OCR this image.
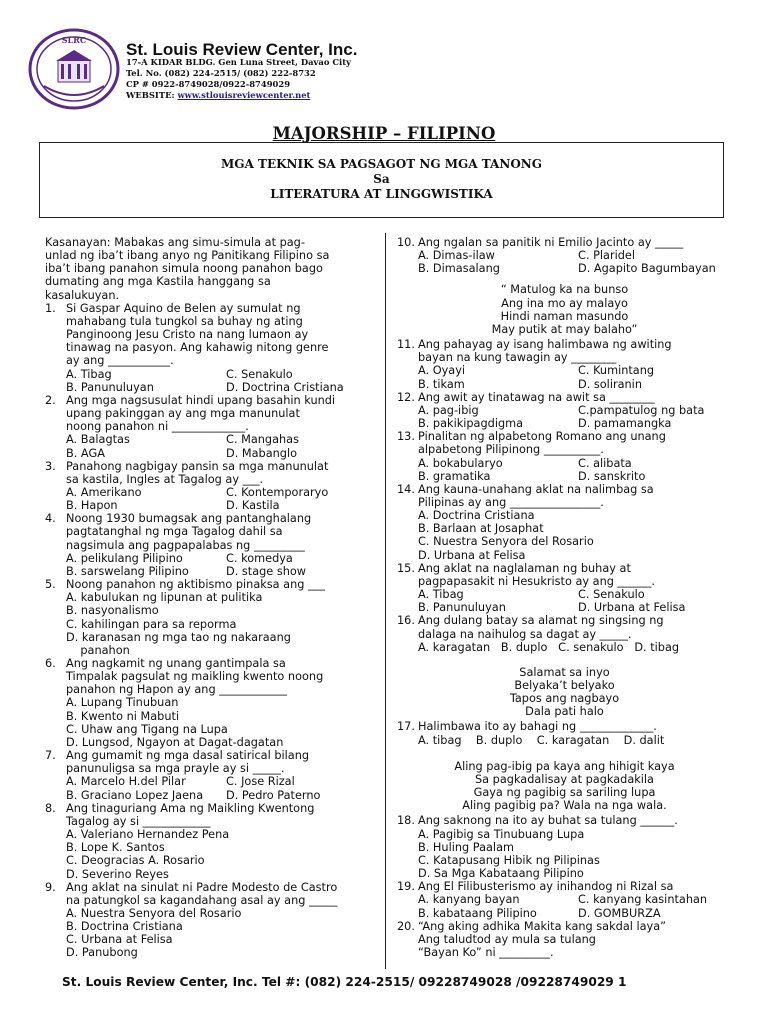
SLRC St. Louis Review Center, Inc.
17-A KIDAR BLDG. Gen Luna Street, Davao City
Tel. No. (082) 224-2515/ (082) 222-8732
CP # 0922-8749028/0922-8749029
WEBSITE: www.stlouisreviewcenter.net
MAJORSHIP – FILIPINO
MGA TEKNIK SA PAGSAGOT NG MGA TANONG
Sa
LITERATURA AT LINGGWISTIKA

Kasanayan: Mabakas ang simu-simula at pag-

unlad ng iba’t ibang anyo ng Panitikang Filipino sa

iba’t ibang panahon simula noong panahon bago

dumating ang mga Kastila hanggang sa

kasalukuyan.

1. Si Gaspar Aquino de Belen ay sumulat ng

mahabang tula tungkol sa buhay ng ating

Panginoong Jesu Cristo na nang lumaon ay

tinawag na pasyon. Ang kahawig nitong genre

ay ang ___________.

A. Tibag	C. Senakulo

B. Panunuluyan	D. Doctrina Cristiana

2. Ang mga nagsusulat hindi upang basahin kundi

upang pakinggan ay ang mga manunulat

noong panahon ni _____________.

A. Balagtas	C. Mangahas

B. AGA	D. Mabanglo

3. Panahong nagbigay pansin sa mga manunulat

sa kastila, Ingles at Tagalog ay ___.

A. Amerikano	C. Kontemporaryo

B. Hapon	D. Kastila

4. Noong 1930 bumagsak ang pantanghalang

pagtatanghal ng mga Tagalog dahil sa

nagsimula ang pagpapalabas ng _________

A. pelikulang Pilipino	C. komedya

B. sarswelang Pilipino	D. stage show

5. Noong panahon ng aktibismo pinaksa ang ___

A. kabulukan ng lipunan at pulitika

B. nasyonalismo

C. kahilingan para sa reporma

D. karanasan ng mga tao ng nakaraang

panahon

6. Ang nagkamit ng unang gantimpala sa

Timpalak pagsulat ng maikling kwento noong

panahon ng Hapon ay ang ____________

A. Lupang Tinubuan

B. Kwento ni Mabuti

C. Uhaw ang Tigang na Lupa

D. Lungsod, Ngayon at Dagat-dagatan

7. Ang gumamit ng mga dasal satirical bilang

panunuligsa sa mga prayle ay si _____.

A. Marcelo H.del Pilar	C. Jose Rizal

B. Graciano Lopez Jaena	D. Pedro Paterno

8. Ang tinaguriang Ama ng Maikling Kwentong

Tagalog ay si ____________

A. Valeriano Hernandez Pena

B. Lope K. Santos

C. Deogracias A. Rosario

D. Severino Reyes

9. Ang aklat na sinulat ni Padre Modesto de Castro

na patungkol sa kagandahang asal ay ang _____

A. Nuestra Senyora del Rosario

B. Doctrina Cristiana

C. Urbana at Felisa

D. Panubong

10. Ang ngalan sa panitik ni Emilio Jacinto ay _____

A. Dimas-ilaw	C. Plaridel

B. Dimasalang	D. Agapito Bagumbayan

“ Matulog ka na bunso

Ang ina mo ay malayo

Hindi naman masundo

May putik at may balaho”

11. Ang pahayag ay isang halimbawa ng awiting

bayan na kung tawagin ay ________

A. Oyayi	C. Kumintang

B. tikam	D. soliranin

12. Ang awit ay tinatawag na awit sa ________

A. pag-ibig	C.pampatulog ng bata

B. pakikipagdigma	D. pamamangka

13. Pinalitan ng alpabetong Romano ang unang

alpabetong Pilipinong __________.

A. bokabularyo	C. alibata

B. gramatika	D. sanskrito

14. Ang kauna-unahang aklat na nalimbag sa

Pilipinas ay ang ________________.

A. Doctrina Cristiana

B. Barlaan at Josaphat

C. Nuestra Senyora del Rosario

D. Urbana at Felisa

15. Ang aklat na naglalaman ng buhay at

pagpapasakit ni Hesukristo ay ang ______.

A. Tibag	C. Senakulo

B. Panunuluyan	D. Urbana at Felisa

16. Ang dulang batay sa alamat ng singsing ng

dalaga na naihulog sa dagat ay _____.

A. karagatan   B. duplo   C. senakulo   D. tibag

Salamat sa inyo

Belyaka’t belyako

Tapos ang nagbayo

Dala pati halo

17. Halimbawa ito ay bahagi ng _____________.

A. tibag    B. duplo    C. karagatan    D. dalit

Aling pag-ibig pa kaya ang hihigit kaya

Sa pagkadalisay at pagkadakila

Gaya ng pagibig sa sariling lupa

Aling pagibig pa? Wala na nga wala.

18. Ang saknong na ito ay buhat sa tulang ______.

A. Pagibig sa Tinubuang Lupa

B. Huling Paalam

C. Katapusang Hibik ng Pilipinas

D. Sa Mga Kabataang Pilipino

19. Ang El Filibusterismo ay inihandog ni Rizal sa

A. kanyang bayan	C. kanyang kasintahan

B. kabataang Pilipino	D. GOMBURZA

20. “Ang aking adhika Makita kang sakdal laya”

Ang taludtod ay mula sa tulang

“Bayan Ko” ni _________.

St. Louis Review Center, Inc. Tel #: (082) 224-2515/ 09228749028 /09228749029 1
